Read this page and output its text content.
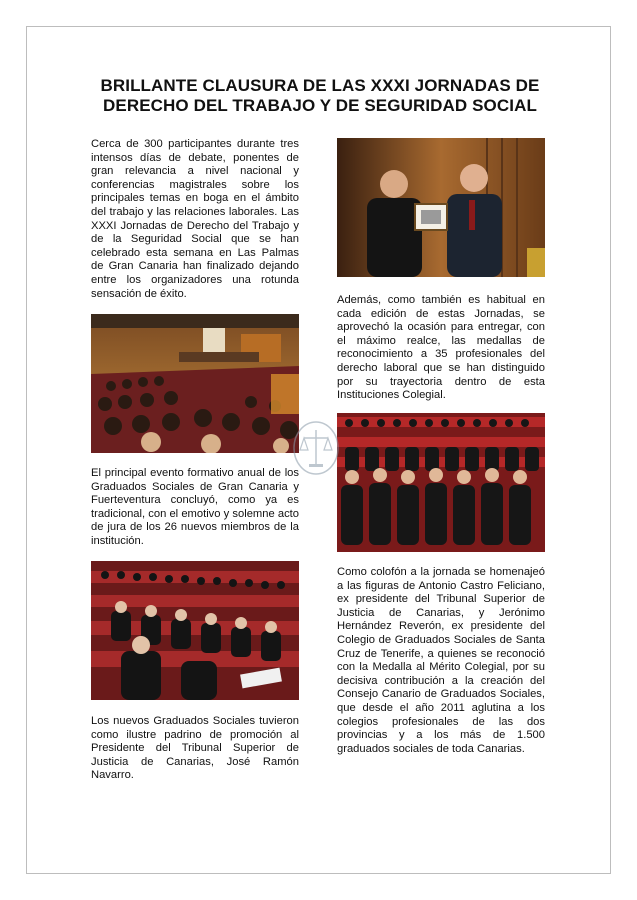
BRILLANTE CLAUSURA DE LAS XXXI JORNADAS DE DERECHO DEL TRABAJO Y DE SEGURIDAD SOCIAL
Cerca de 300 participantes durante tres intensos días de debate, ponentes de gran relevancia a nivel nacional y conferencias magistrales sobre los principales temas en boga en el ámbito del trabajo y las relaciones laborales. Las XXXI Jornadas de Derecho del Trabajo y de la Seguridad Social que se han celebrado esta semana en Las Palmas de Gran Canaria han finalizado dejando entre los organizadores una rotunda sensación de éxito.
El principal evento formativo anual de los Graduados Sociales de Gran Canaria y Fuerteventura concluyó, como ya es tradicional, con el emotivo y solemne acto de jura de los 26 nuevos miembros de la institución.
Los nuevos Graduados Sociales tuvieron como ilustre padrino de promoción al Presidente del Tribunal Superior de Justicia de Canarias, José Ramón Navarro.
Además, como también es habitual en cada edición de estas Jornadas, se aprovechó la ocasión para entregar, con el máximo realce, las medallas de reconocimiento a 35 profesionales del derecho laboral que se han distinguido por su trayectoria dentro de esta Instituciones Colegial.
Como colofón a la jornada se homenajeó a las figuras de Antonio Castro Feliciano, ex presidente del Tribunal Superior de Justicia de Canarias, y Jerónimo Hernández Reverón, ex presidente del Colegio de Graduados Sociales de Santa Cruz de Tenerife, a quienes se reconoció con la Medalla al Mérito Colegial, por su decisiva contribución a la creación del Consejo Canario de Graduados Sociales, que desde el año 2011 aglutina a los colegios profesionales de las dos provincias y a los más de 1.500 graduados sociales de toda Canarias.
